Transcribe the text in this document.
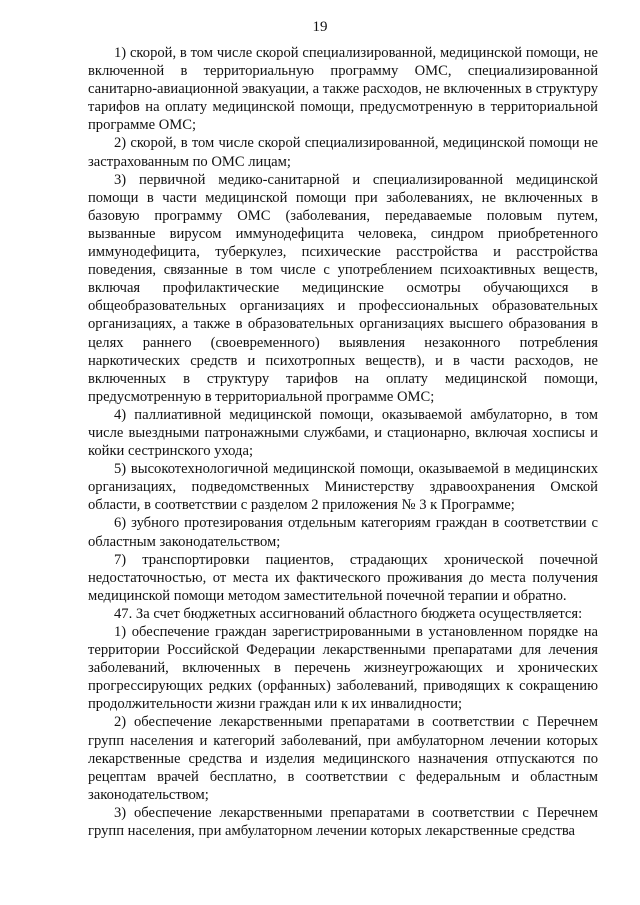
19

1) скорой, в том числе скорой специализированной, медицинской помощи, не включенной в территориальную программу ОМС, специализированной санитарно-авиационной эвакуации, а также расходов, не включенных в структуру тарифов на оплату медицинской помощи, предусмотренную в территориальной программе ОМС;

2) скорой, в том числе скорой специализированной, медицинской помощи не застрахованным по ОМС лицам;

3) первичной медико-санитарной и специализированной медицинской помощи в части медицинской помощи при заболеваниях, не включенных в базовую программу ОМС (заболевания, передаваемые половым путем, вызванные вирусом иммунодефицита человека, синдром приобретенного иммунодефицита, туберкулез, психические расстройства и расстройства поведения, связанные в том числе с употреблением психоактивных веществ, включая профилактические медицинские осмотры обучающихся в общеобразовательных организациях и профессиональных образовательных организациях, а также в образовательных организациях высшего образования в целях раннего (своевременного) выявления незаконного потребления наркотических средств и психотропных веществ), и в части расходов, не включенных в структуру тарифов на оплату медицинской помощи, предусмотренную в территориальной программе ОМС;

4) паллиативной медицинской помощи, оказываемой амбулаторно, в том числе выездными патронажными службами, и стационарно, включая хосписы и койки сестринского ухода;

5) высокотехнологичной медицинской помощи, оказываемой в медицинских организациях, подведомственных Министерству здравоохранения Омской области, в соответствии с разделом 2 приложения № 3 к Программе;

6) зубного протезирования отдельным категориям граждан в соответствии с областным законодательством;

7) транспортировки пациентов, страдающих хронической почечной недостаточностью, от места их фактического проживания до места получения медицинской помощи методом заместительной почечной терапии и обратно.

47. За счет бюджетных ассигнований областного бюджета осуществляется:

1) обеспечение граждан зарегистрированными в установленном порядке на территории Российской Федерации лекарственными препаратами для лечения заболеваний, включенных в перечень жизнеугрожающих и хронических прогрессирующих редких (орфанных) заболеваний, приводящих к сокращению продолжительности жизни граждан или к их инвалидности;

2) обеспечение лекарственными препаратами в соответствии с Перечнем групп населения и категорий заболеваний, при амбулаторном лечении которых лекарственные средства и изделия медицинского назначения отпускаются по рецептам врачей бесплатно, в соответствии с федеральным и областным законодательством;

3) обеспечение лекарственными препаратами в соответствии с Перечнем групп населения, при амбулаторном лечении которых лекарственные средства
